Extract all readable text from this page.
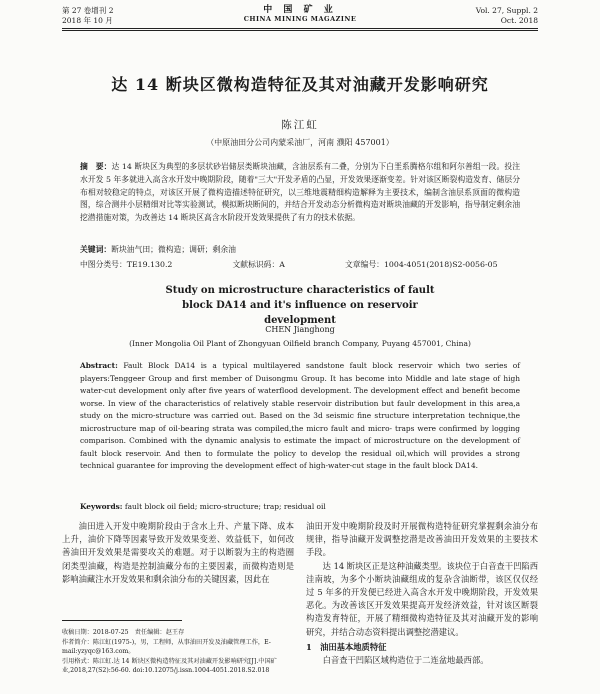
第 27 卷增刊 2
2018 年 10 月
中 国 矿 业
CHINA MINING MAGAZINE
Vol. 27, Suppl. 2
Oct. 2018
达 14 断块区微构造特征及其对油藏开发影响研究
陈江虹
（中原油田分公司内蒙采油厂，河南 濮阳 457001）
摘　要：达 14 断块区为典型的多层状砂岩储层类断块油藏，含油层系有二叠，分别为下白垩系腾格尔组和阿尔善组一段。投注水开发 5 年多就进入高含水开发中晚期阶段，随着"三大"开发矛盾的凸显，开发效果逐渐变差。针对该区断裂构造发育、储层分布相对较稳定的特点，对该区开展了微构造描述特征研究，以三维地震精细构造解释为主要技术，编制含油层系顶面的微构造图，综合测井小层精细对比等实验测试，模拟断块断间的，并结合开发动态分析微构造对断块油藏的开发影响，指导制定剩余油挖潜措施对策，为改善达 14 断块区高含水阶段开发效果提供了有力的技术依据。
关键词：断块油气田；微构造；调研；剩余油
中图分类号：TE19.130.2	文献标识码：A	文章编号：1004-4051(2018)S2-0056-05
Study on microstructure characteristics of fault block DA14 and it's influence on reservoir development
CHEN Jianghong
(Inner Mongolia Oil Plant of Zhongyuan Oilfield branch Company, Puyang 457001, China)
Abstract: Fault Block DA14 is a typical multilayered sandstone fault block reservoir which two series of players:Tenggeer Group and first member of Duisongmu Group. It has become into Middle and late stage of high water-cut development only after five years of waterflood development. The development effect and benefit become worse. In view of the characteristics of relatively stable reservoir distribution but faulr development in this area,a study on the micro-structure was carried out. Based on the 3d seismic fine structure interpretation technique,the microstructure map of oil-bearing strata was compiled,the micro fault and micro- traps were confirmed by logging comparison. Combined with the dynamic analysis to estimate the impact of microstructure on the development of fault block reservoir. And then to formulate the policy to develop the residual oil,which will provides a strong technical guarantee for improving the development effect of high-water-cut stage in the fault block DA14.
Keywords: fault block oil field; micro-structure; trap; residual oil
油田进入开发中晚期阶段由于含水上升、产量下降、成本上升，油价下降等因素导致开发效果变差、效益低下，如何改善油田开发效果是需要攻关的难题。对于以断裂为主的构造圈闭类型油藏，构造是控制油藏分布的主要因素，而微构造则是影响油藏注水开发效果和剩余油分布的关键因素，因此在
收稿日期：2018-07-25　责任编辑：赵王存
作者简介：陈江虹(1975-)，男，工程师，从事油田开发及油藏管理工作，E-mail:yzyqc@163.com。
引用格式：陈江虹.达 14 断块区微构造特征及其对油藏开发影响研究[J].中国矿业,2018,27(S2):56-60. doi:10.12075/j.issn.1004-4051.2018.S2.018
油田开发中晚期阶段及时开展微构造特征研究掌握剩余油分布规律，指导油藏开发调整挖潜是改善油田开发效果的主要技术手段。
达 14 断块区正是这种油藏类型。该块位于白音查干凹陷西洼南坡，为多个小断块油藏组成的复杂含油断带，该区仅仅经过 5 年多的开发便已经进入高含水开发中晚期阶段，开发效果恶化。为改善该区开发效果提高开发经济效益，针对该区断裂构造发育特征，开展了精细微构造特征及其对油藏开发的影响研究，并结合动态资料提出调整挖潜建议。
1　油田基本地质特征
白音查干凹陷区域构造位于二连盆地最西部。
